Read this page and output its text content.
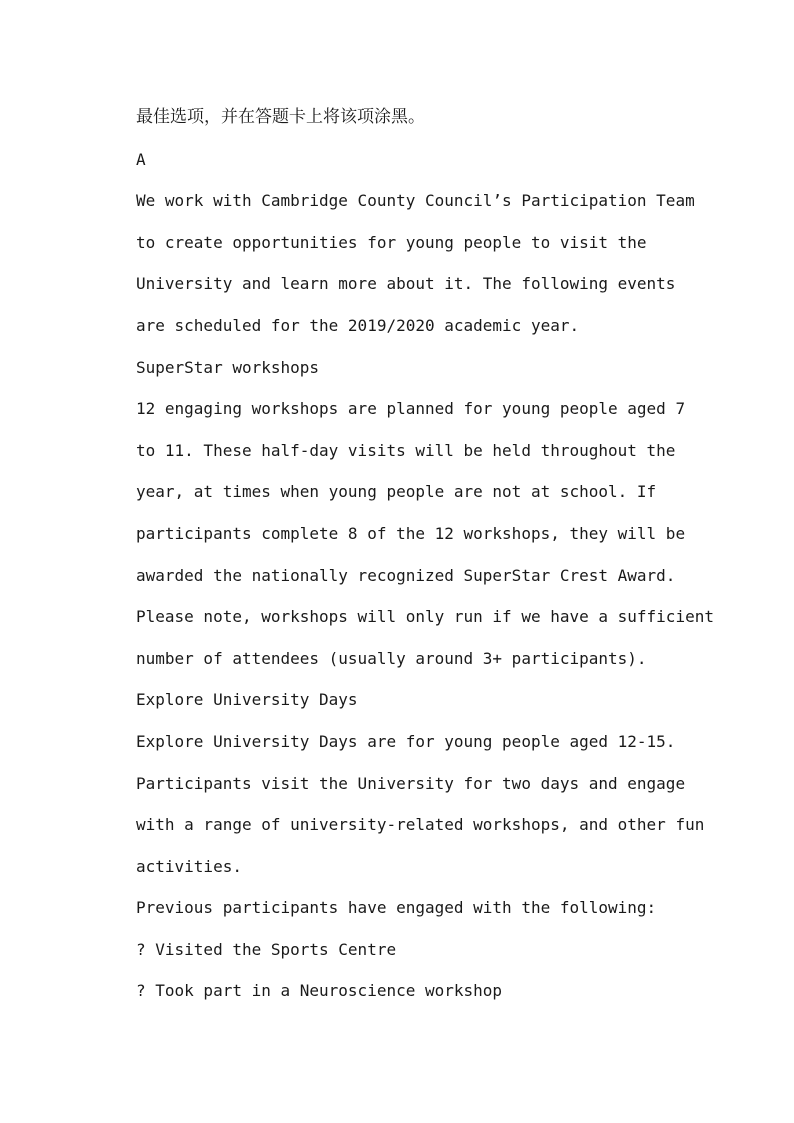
最佳选项，并在答题卡上将该项涂黑。
A
We work with Cambridge County Council’s Participation Team
to create opportunities for young people to visit the
University and learn more about it. The following events
are scheduled for the 2019/2020 academic year.
SuperStar workshops
12 engaging workshops are planned for young people aged 7
to 11. These half-day visits will be held throughout the
year, at times when young people are not at school. If
participants complete 8 of the 12 workshops, they will be
awarded the nationally recognized SuperStar Crest Award.
Please note, workshops will only run if we have a sufficient
number of attendees (usually around 3+ participants).
Explore University Days
Explore University Days are for young people aged 12-15.
Participants visit the University for two days and engage
with a range of university-related workshops, and other fun
activities.
Previous participants have engaged with the following:
? Visited the Sports Centre
? Took part in a Neuroscience workshop
